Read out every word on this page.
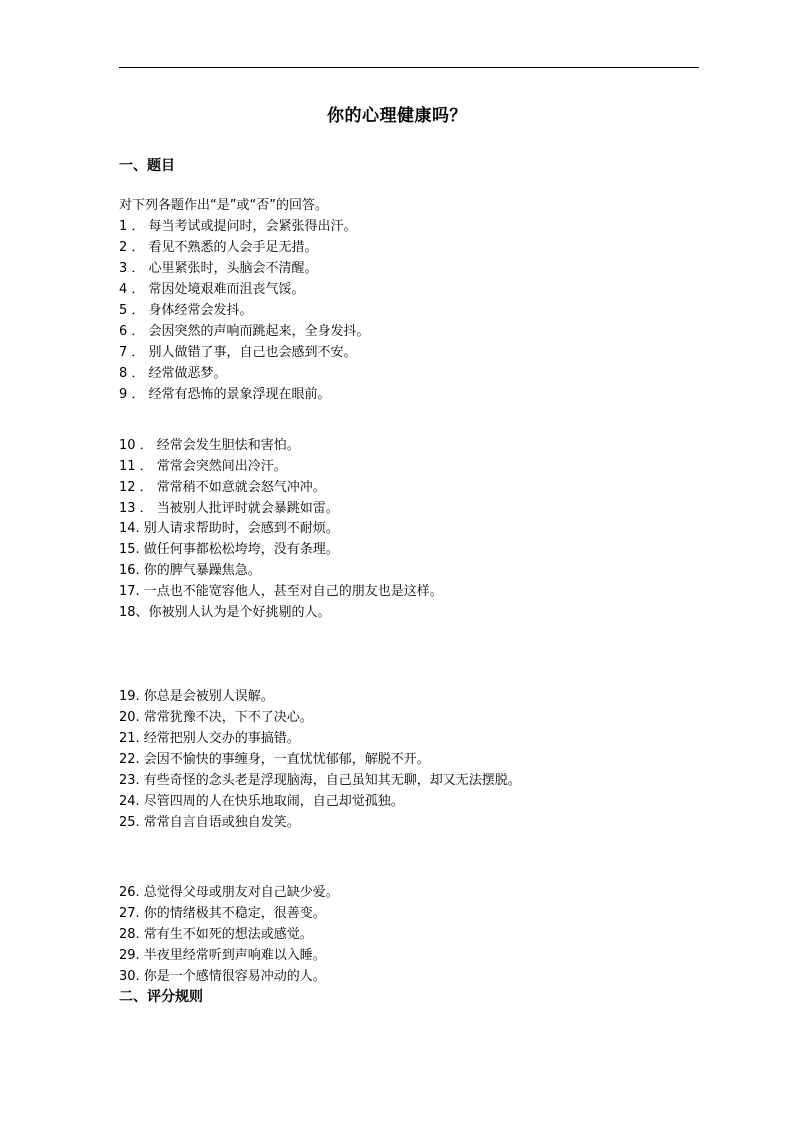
你的心理健康吗？
一、题目
对下列各题作出“是”或“否”的回答。
1 ． 每当考试或提问时，会紧张得出汗。
2 ． 看见不熟悉的人会手足无措。
3 ． 心里紧张时，头脑会不清醒。
4 ． 常因处境艰难而沮丧气馁。
5 ． 身体经常会发抖。
6 ． 会因突然的声响而跳起来，全身发抖。
7 ． 别人做错了事，自己也会感到不安。
8 ． 经常做恶梦。
9 ． 经常有恐怖的景象浮现在眼前。
10 ． 经常会发生胆怯和害怕。
11 ． 常常会突然间出冷汗。
12 ． 常常稍不如意就会怒气冲冲。
13 ． 当被别人批评时就会暴跳如雷。
14. 别人请求帮助时，会感到不耐烦。
15. 做任何事都松松垮垮，没有条理。
16. 你的脾气暴躁焦急。
17. 一点也不能宽容他人，甚至对自己的朋友也是这样。
18、你被别人认为是个好挑剔的人。
19. 你总是会被别人误解。
20. 常常犹豫不决，下不了决心。
21. 经常把别人交办的事搞错。
22. 会因不愉快的事缠身，一直忧忧郁郁，解脱不开。
23. 有些奇怪的念头老是浮现脑海，自己虽知其无聊，却又无法摆脱。
24. 尽管四周的人在快乐地取闹，自己却觉孤独。
25. 常常自言自语或独自发笑。
26. 总觉得父母或朋友对自己缺少爱。
27. 你的情绪极其不稳定，很善变。
28. 常有生不如死的想法或感觉。
29. 半夜里经常听到声响难以入睡。
30. 你是一个感情很容易冲动的人。
二、评分规则
